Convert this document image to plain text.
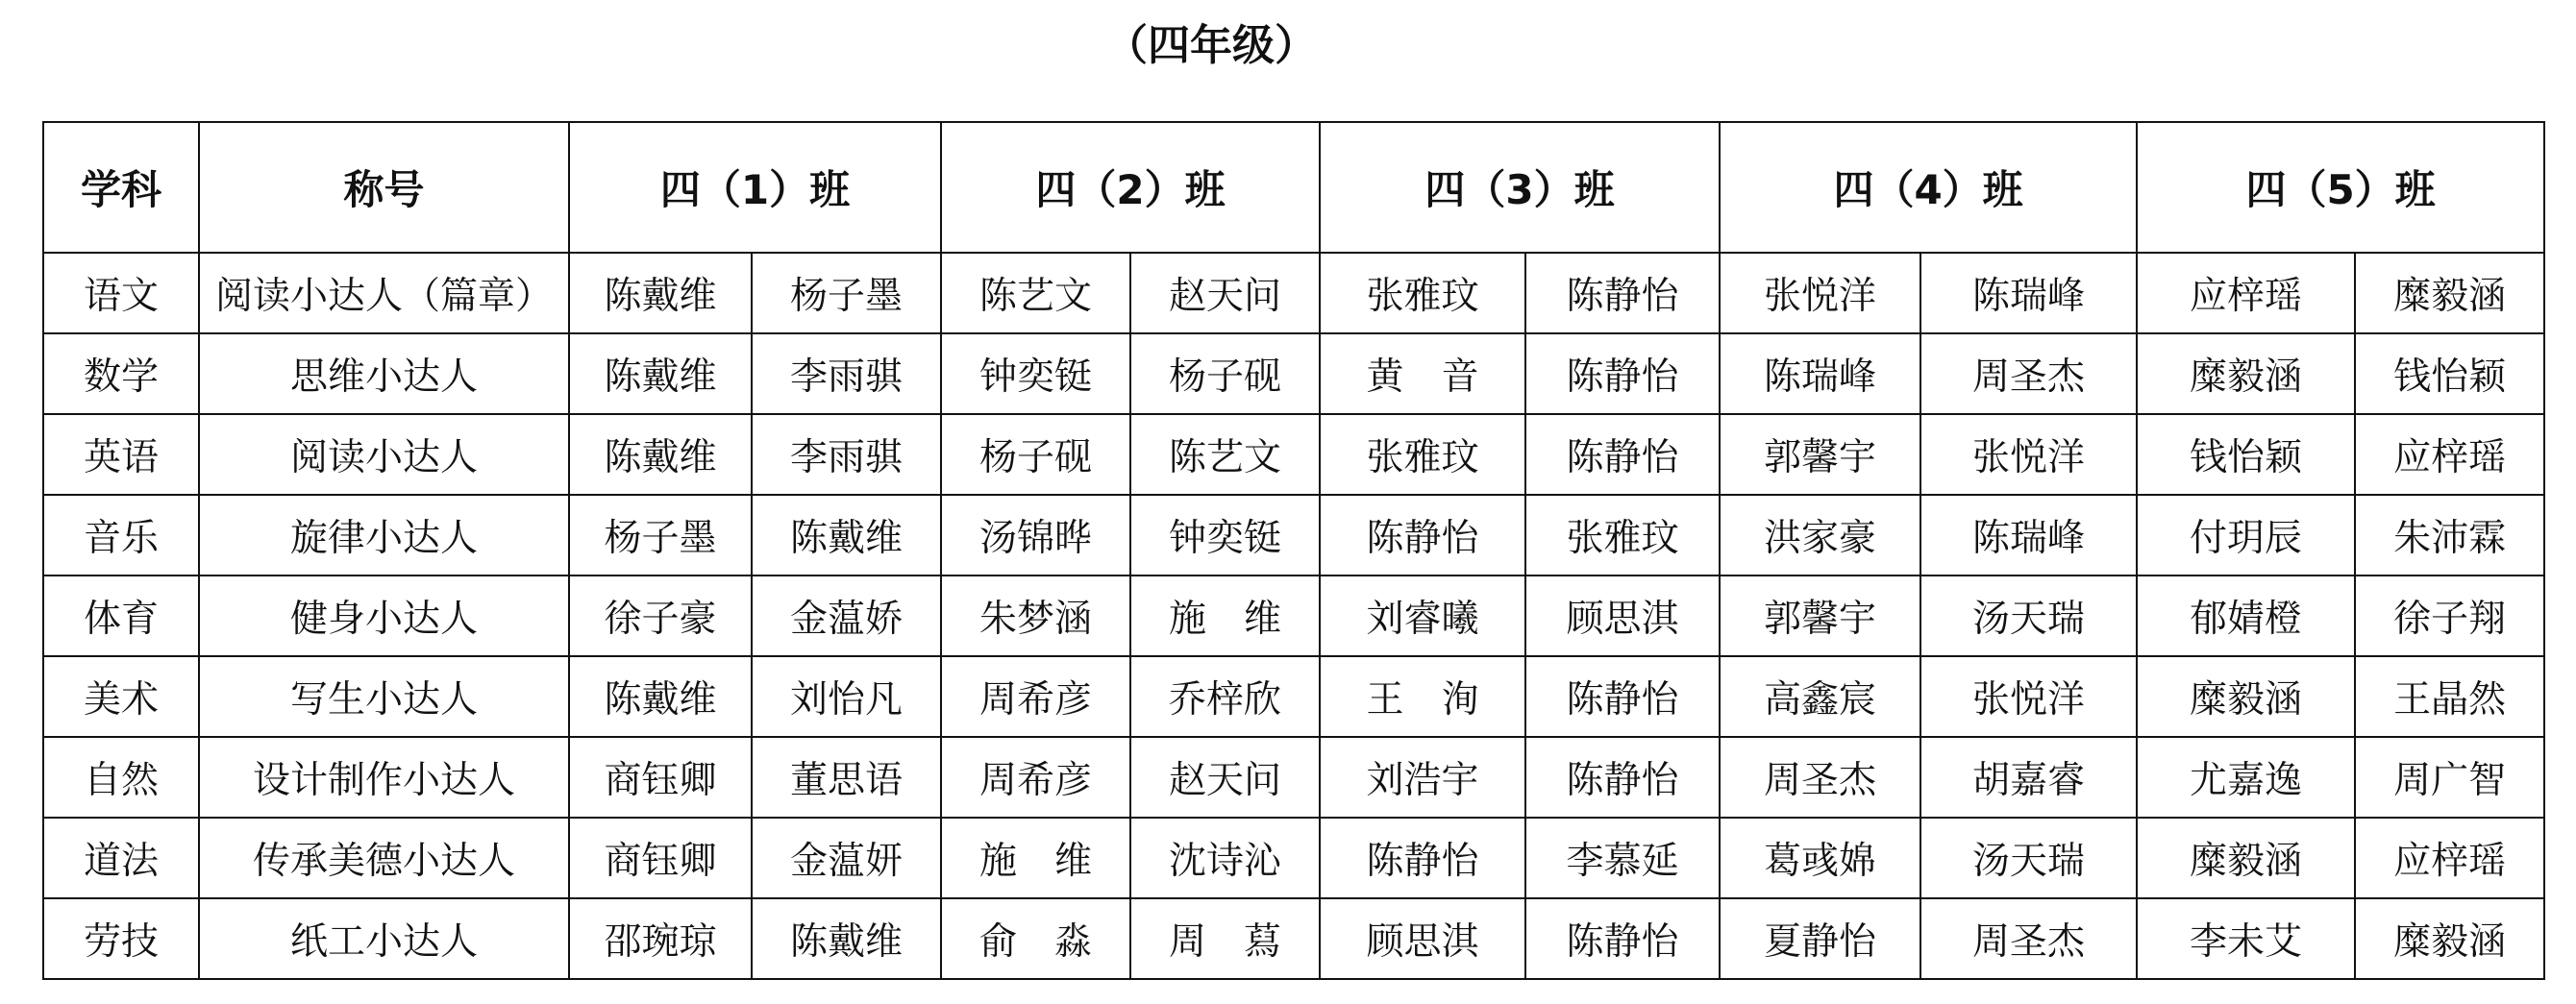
（四年级）
学科	称号	四（1）班		四（2）班		四（3）班		四（4）班		四（5）班	
语文	阅读小达人（篇章）	陈戴维	杨子墨	陈艺文	赵天问	张雅玟	陈静怡	张悦洋	陈瑞峰	应梓瑶	糜毅涵
数学	思维小达人	陈戴维	李雨骐	钟奕铤	杨子砚	黄　音	陈静怡	陈瑞峰	周圣杰	糜毅涵	钱怡颖
英语	阅读小达人	陈戴维	李雨骐	杨子砚	陈艺文	张雅玟	陈静怡	郭馨宇	张悦洋	钱怡颖	应梓瑶
音乐	旋律小达人	杨子墨	陈戴维	汤锦晔	钟奕铤	陈静怡	张雅玟	洪家豪	陈瑞峰	付玥辰	朱沛霖
体育	健身小达人	徐子豪	金蕰娇	朱梦涵	施　维	刘睿曦	顾思淇	郭馨宇	汤天瑞	郁婧橙	徐子翔
美术	写生小达人	陈戴维	刘怡凡	周希彦	乔梓欣	王　洵	陈静怡	高鑫宸	张悦洋	糜毅涵	王晶然
自然	设计制作小达人	商钰卿	董思语	周希彦	赵天问	刘浩宇	陈静怡	周圣杰	胡嘉睿	尤嘉逸	周广智
道法	传承美德小达人	商钰卿	金蕰妍	施　维	沈诗沁	陈静怡	李慕延	葛彧婂	汤天瑞	糜毅涵	应梓瑶
劳技	纸工小达人	邵琬琼	陈戴维	俞　淼	周　蕮	顾思淇	陈静怡	夏静怡	周圣杰	李未艾	糜毅涵
